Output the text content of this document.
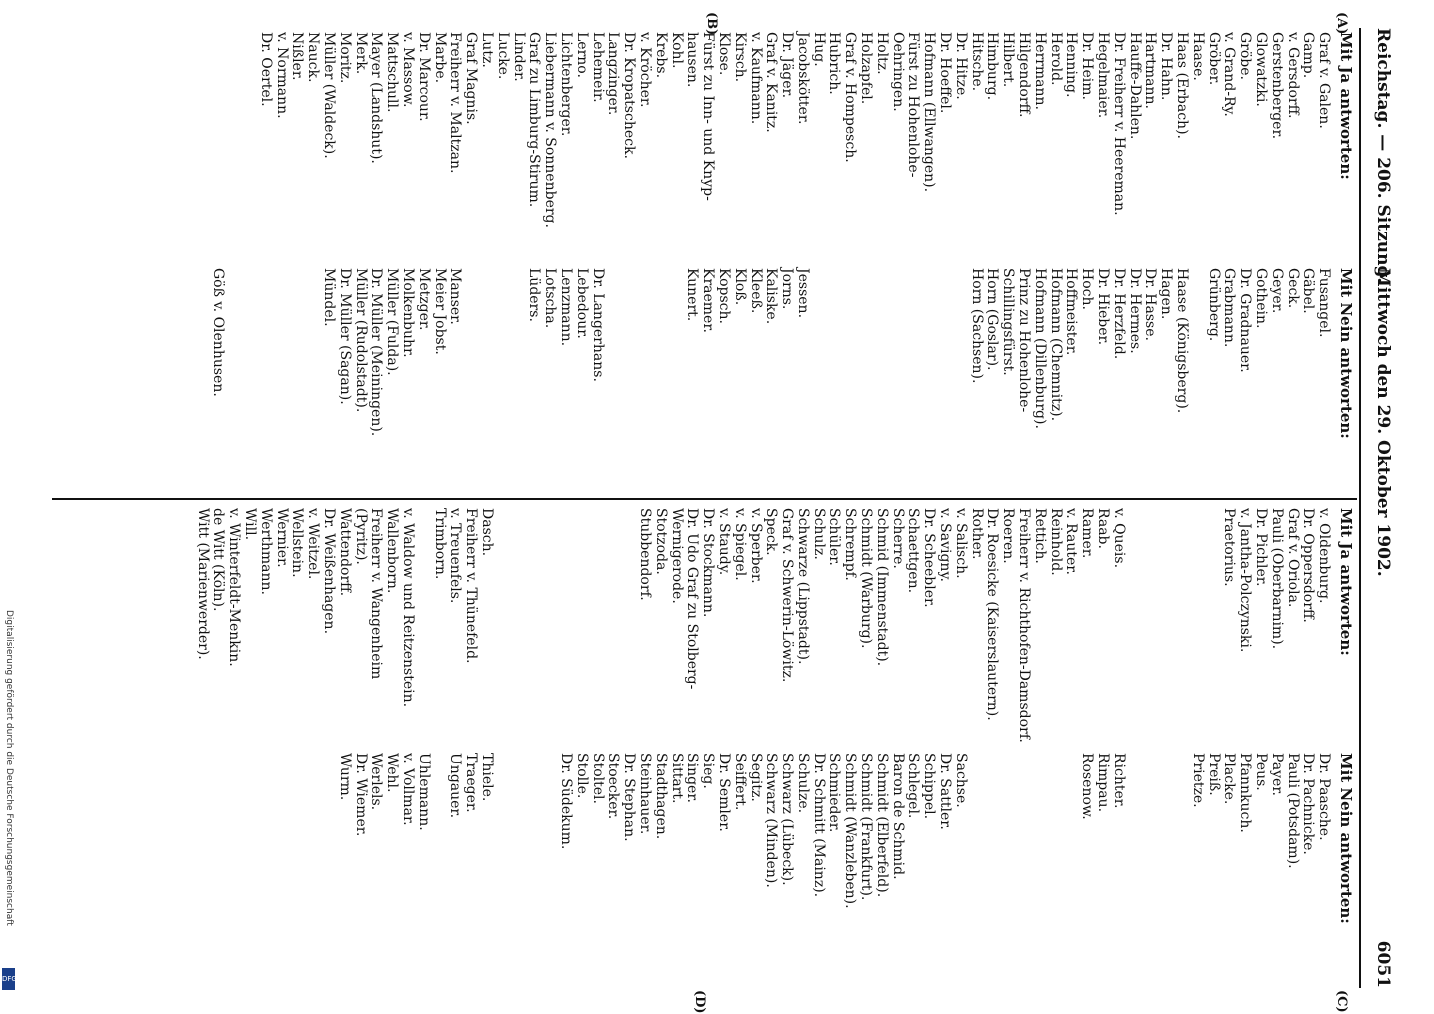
Reichstag. — 206. Sitzung.
Mittwoch den 29. Oktober 1902.
6051
(A)
(B)
(C)
(D)
Mit Ja antworten:
Graf v. Galen.
Gamp.
v. Gersdorff.
Gerstenberger.
Glowatzki.
Gröbe.
v. Grand-Ry.
Gröber.
Haase.
Haas (Erbach).
Dr. Hahn.
Hartmann.
Hauffe-Dahlen.
Dr. Freiherr v. Heereman.
Hegelmaier.
Dr. Heim.
Henning.
Herold.
Herrmann.
Hilgendorff.
Hilbert.
Himburg.
Hitsche.
Dr. Hitze.
Dr. Hoeffel.
Hofmann (Ellwangen).
Fürst zu Hohenlohe-
Oehringen.
Holtz.
Holzapfel.
Graf v. Hompesch.
Hubrich.
Hug.
Jacobskötter.
Dr. Jäger.
Graf v. Kanitz.
v. Kaufmann.
Kirsch.
Klose.
Fürst zu Inn- und Knyp-
hausen.
Kohl.
Krebs.
v. Kröcher.
Dr. Kropatscheck.
Langzinger.
Lehemeir.
Lerno.
Lichtenberger.
Liebermann v. Sonnenberg.
Graf zu Limburg-Stirum.
Linder.
Lucke.
Lutz.
Graf Magnis.
Freiherr v. Maltzan.
Marbe.
Dr. Marcour.
v. Massow.
Mattschull.
Mayer (Landshut).
Merk.
Moritz.
Müller (Waldeck).
Nauck.
Nißler.
v. Normann.
Dr. Oertel.
Mit Nein antworten:
Fusangel.
Gäbel.
Geck.
Geyer.
Gothein.
Dr. Gradnauer.
Grabmann.
Grünberg.
Haase (Königsberg).
Hagen.
Dr. Hasse.
Dr. Hermes.
Dr. Herzfeld.
Dr. Hieber.
Hoch.
Hoffmeister.
Hofmann (Chemnitz).
Hofmann (Dillenburg).
Prinz zu Hohenlohe-
Schillingsfürst.
Horn (Goslar).
Horn (Sachsen).
Jessen.
Jorns.
Kaliske.
Kleeß.
Kloß.
Kopsch.
Kraemer.
Kunert.
Dr. Langerhans.
Lebedour.
Lenzmann.
Lotscha.
Lüders.
Manser.
Meier Jobst.
Metzger.
Molkenbuhr.
Müller (Fulda).
Dr. Müller (Meiningen).
Müller (Rudolstadt).
Dr. Müller (Sagan).
Mündel.
Göß v. Olenhusen.
Mit Ja antworten:
v. Oldenburg.
Dr. Oppersdorff.
Graf v. Oriola.
Pauli (Oberbarnim).
Dr. Pichler.
v. Jantha-Polczynski.
Praetorius.
v. Queis.
Raab.
Ramer.
v. Rauter.
Reinhold.
Rettich.
Freiherr v. Richthofen-Damsdorf.
Roeren.
Dr. Roesicke (Kaiserslautern).
Rother.
v. Salisch.
v. Savigny.
Dr. Scheebler.
Schaettgen.
Scherre.
Schmid (Immenstadt).
Schmidt (Warburg).
Schrempf.
Schüler.
Schulz.
Schwarze (Lippstadt).
Graf v. Schwerin-Löwitz.
Speck.
v. Sperber.
v. Spiegel.
v. Staudy.
Dr. Stockmann.
Dr. Udo Graf zu Stolberg-
Wernigerode.
Stotzoda.
Stubbendorf.
Dasch.
Freiherr v. Thünefeld.
v. Treuenfels.
Trimborn.
v. Waldow und Reitzenstein.
Wallenborn.
Freiherr v. Wangenheim
(Pyritz).
Wattendorff.
Dr. Weißenhagen.
v. Weitzel.
Wellstein.
Wernier.
Werthmann.
Will.
v. Winterfeldt-Menkin.
de Witt (Köln).
Witt (Marienwerder).
Mit Nein antworten:
Dr. Paasche.
Dr. Pachnicke.
Pauli (Potsdam).
Payer.
Peus.
Pfannkuch.
Placke.
Preiß.
Prietze.
Richter.
Rimpau.
Rosenow.
Sachse.
Dr. Sattler.
Schippel.
Schlegel.
Baron de Schmid.
Schmidt (Elberfeld).
Schmidt (Frankfurt).
Schmidt (Wanzleben).
Schmieder.
Dr. Schmitt (Mainz).
Schulze.
Schwarz (Lübeck).
Schwarz (Minden).
Segitz.
Seiffert.
Dr. Semler.
Sieg.
Singer.
Sittart.
Stadthagen.
Steinhauer.
Dr. Stephan.
Stoecker.
Stoltel.
Stolle.
Dr. Südekum.
Thiele.
Traeger.
Ungauer.
Uhlemann.
v. Vollmar.
Wehl.
Werlels.
Dr. Wiemer.
Wurm.
Digitalisierung gefördert durch die Deutsche Forschungsgemeinschaft
DFG
